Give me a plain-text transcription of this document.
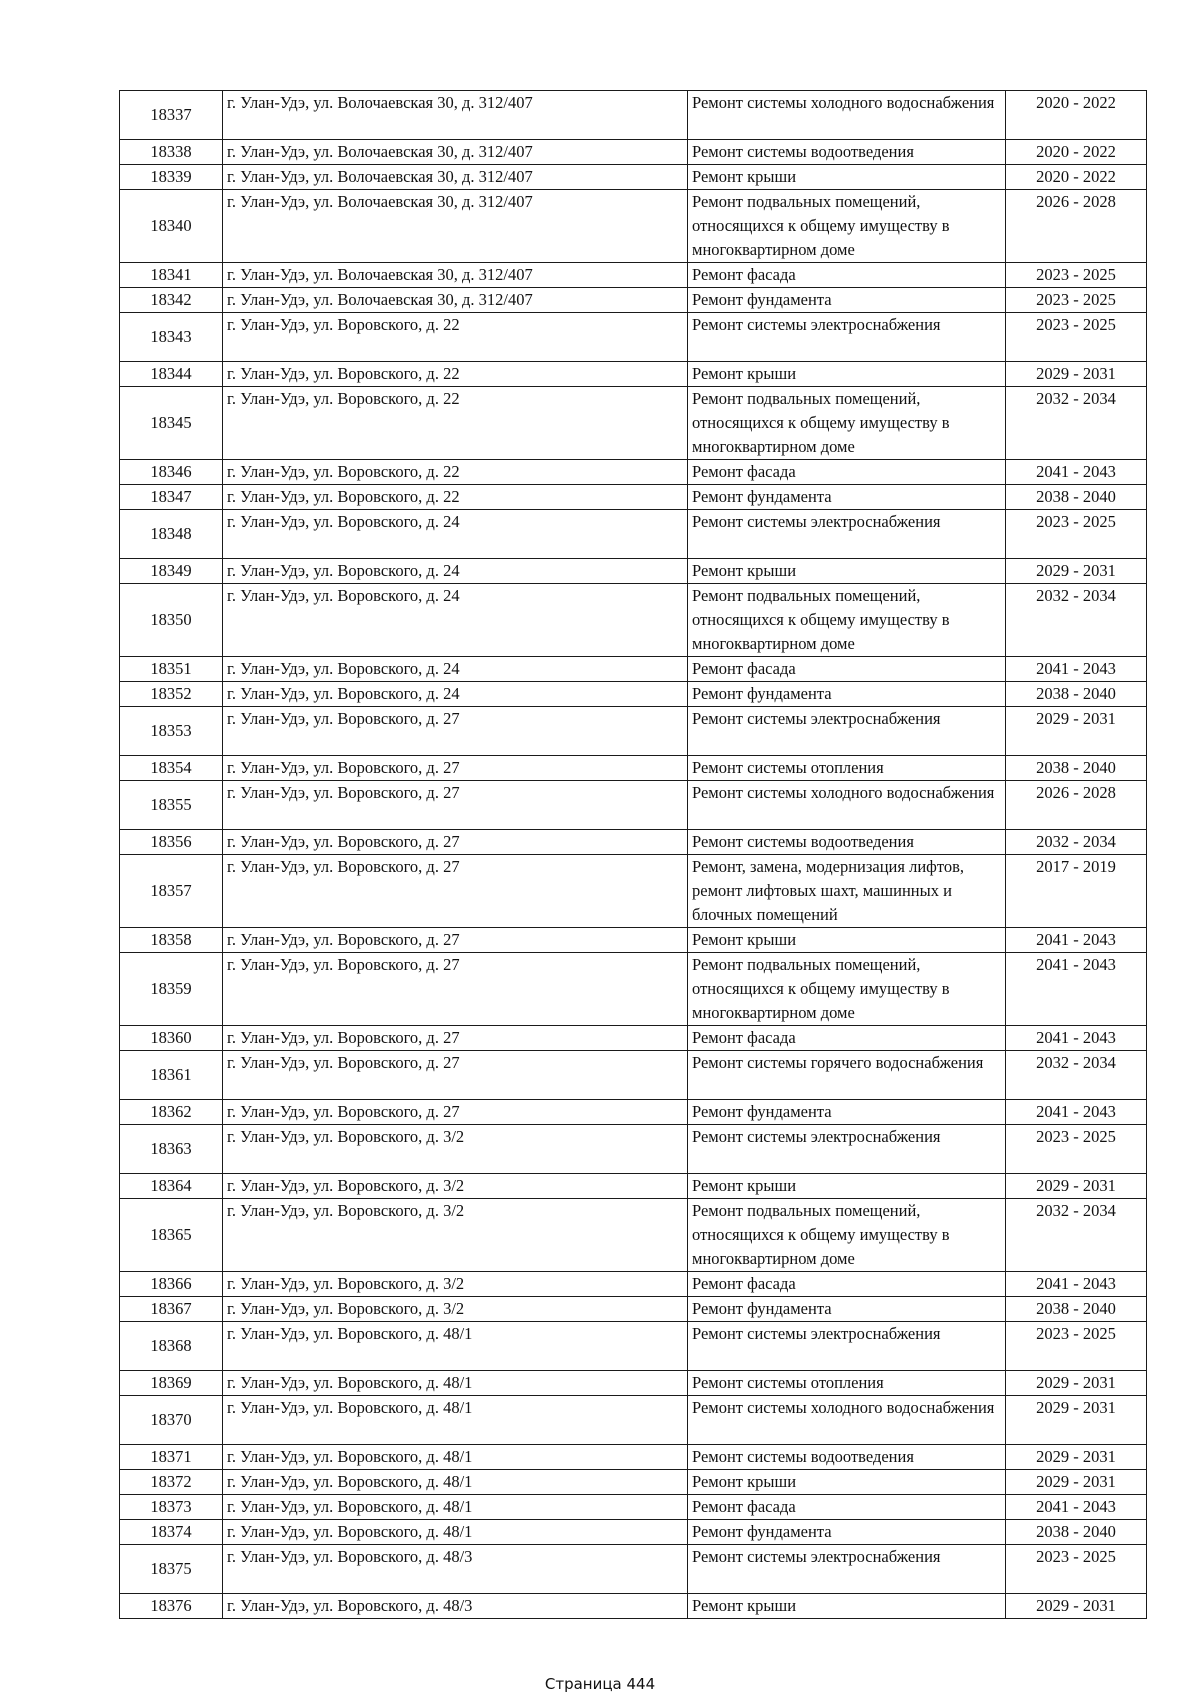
18337	г. Улан-Удэ, ул. Волочаевская 30, д. 312/407	Ремонт системы холодного водоснабжения	2020 - 2022
18338	г. Улан-Удэ, ул. Волочаевская 30, д. 312/407	Ремонт системы водоотведения	2020 - 2022
18339	г. Улан-Удэ, ул. Волочаевская 30, д. 312/407	Ремонт крыши	2020 - 2022
18340	г. Улан-Удэ, ул. Волочаевская 30, д. 312/407	Ремонт подвальных помещений, относящихся к общему имуществу в многоквартирном доме	2026 - 2028
18341	г. Улан-Удэ, ул. Волочаевская 30, д. 312/407	Ремонт фасада	2023 - 2025
18342	г. Улан-Удэ, ул. Волочаевская 30, д. 312/407	Ремонт фундамента	2023 - 2025
18343	г. Улан-Удэ, ул. Воровского, д. 22	Ремонт системы электроснабжения	2023 - 2025
18344	г. Улан-Удэ, ул. Воровского, д. 22	Ремонт крыши	2029 - 2031
18345	г. Улан-Удэ, ул. Воровского, д. 22	Ремонт подвальных помещений, относящихся к общему имуществу в многоквартирном доме	2032 - 2034
18346	г. Улан-Удэ, ул. Воровского, д. 22	Ремонт фасада	2041 - 2043
18347	г. Улан-Удэ, ул. Воровского, д. 22	Ремонт фундамента	2038 - 2040
18348	г. Улан-Удэ, ул. Воровского, д. 24	Ремонт системы электроснабжения	2023 - 2025
18349	г. Улан-Удэ, ул. Воровского, д. 24	Ремонт крыши	2029 - 2031
18350	г. Улан-Удэ, ул. Воровского, д. 24	Ремонт подвальных помещений, относящихся к общему имуществу в многоквартирном доме	2032 - 2034
18351	г. Улан-Удэ, ул. Воровского, д. 24	Ремонт фасада	2041 - 2043
18352	г. Улан-Удэ, ул. Воровского, д. 24	Ремонт фундамента	2038 - 2040
18353	г. Улан-Удэ, ул. Воровского, д. 27	Ремонт системы электроснабжения	2029 - 2031
18354	г. Улан-Удэ, ул. Воровского, д. 27	Ремонт системы отопления	2038 - 2040
18355	г. Улан-Удэ, ул. Воровского, д. 27	Ремонт системы холодного водоснабжения	2026 - 2028
18356	г. Улан-Удэ, ул. Воровского, д. 27	Ремонт системы водоотведения	2032 - 2034
18357	г. Улан-Удэ, ул. Воровского, д. 27	Ремонт, замена, модернизация лифтов, ремонт лифтовых шахт, машинных и блочных помещений	2017 - 2019
18358	г. Улан-Удэ, ул. Воровского, д. 27	Ремонт крыши	2041 - 2043
18359	г. Улан-Удэ, ул. Воровского, д. 27	Ремонт подвальных помещений, относящихся к общему имуществу в многоквартирном доме	2041 - 2043
18360	г. Улан-Удэ, ул. Воровского, д. 27	Ремонт фасада	2041 - 2043
18361	г. Улан-Удэ, ул. Воровского, д. 27	Ремонт системы горячего водоснабжения	2032 - 2034
18362	г. Улан-Удэ, ул. Воровского, д. 27	Ремонт фундамента	2041 - 2043
18363	г. Улан-Удэ, ул. Воровского, д. 3/2	Ремонт системы электроснабжения	2023 - 2025
18364	г. Улан-Удэ, ул. Воровского, д. 3/2	Ремонт крыши	2029 - 2031
18365	г. Улан-Удэ, ул. Воровского, д. 3/2	Ремонт подвальных помещений, относящихся к общему имуществу в многоквартирном доме	2032 - 2034
18366	г. Улан-Удэ, ул. Воровского, д. 3/2	Ремонт фасада	2041 - 2043
18367	г. Улан-Удэ, ул. Воровского, д. 3/2	Ремонт фундамента	2038 - 2040
18368	г. Улан-Удэ, ул. Воровского, д. 48/1	Ремонт системы электроснабжения	2023 - 2025
18369	г. Улан-Удэ, ул. Воровского, д. 48/1	Ремонт системы отопления	2029 - 2031
18370	г. Улан-Удэ, ул. Воровского, д. 48/1	Ремонт системы холодного водоснабжения	2029 - 2031
18371	г. Улан-Удэ, ул. Воровского, д. 48/1	Ремонт системы водоотведения	2029 - 2031
18372	г. Улан-Удэ, ул. Воровского, д. 48/1	Ремонт крыши	2029 - 2031
18373	г. Улан-Удэ, ул. Воровского, д. 48/1	Ремонт фасада	2041 - 2043
18374	г. Улан-Удэ, ул. Воровского, д. 48/1	Ремонт фундамента	2038 - 2040
18375	г. Улан-Удэ, ул. Воровского, д. 48/3	Ремонт системы электроснабжения	2023 - 2025
18376	г. Улан-Удэ, ул. Воровского, д. 48/3	Ремонт крыши	2029 - 2031
Страница 444
